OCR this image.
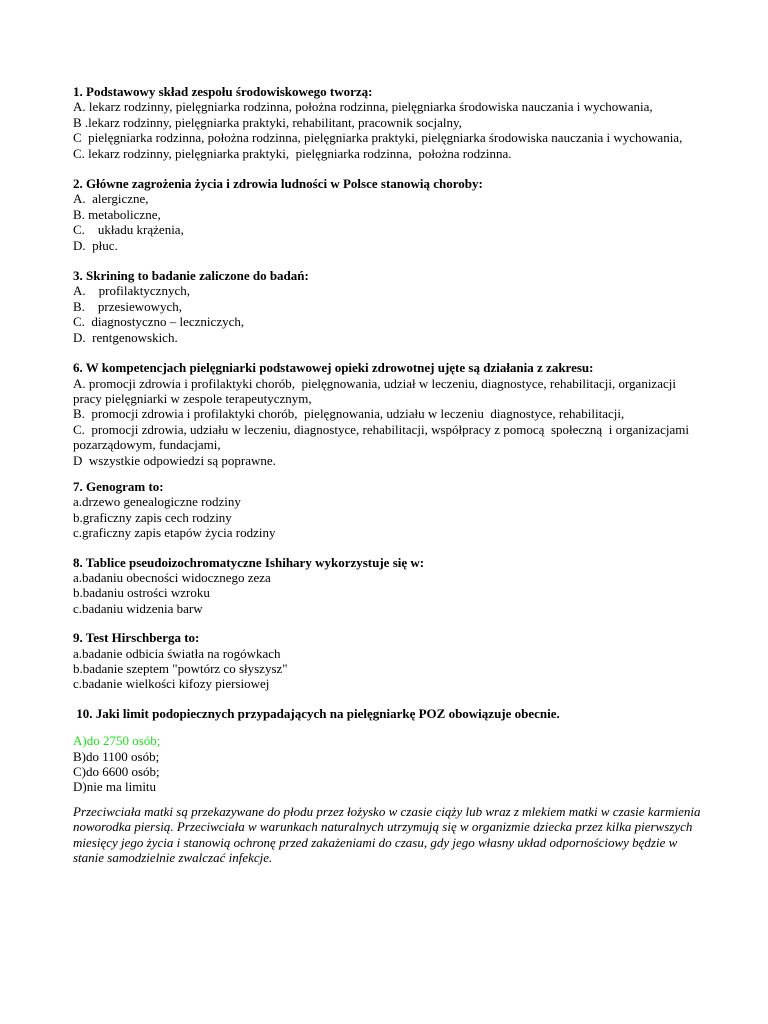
1. Podstawowy skład zespołu środowiskowego tworzą:
A. lekarz rodzinny, pielęgniarka rodzinna, położna rodzinna, pielęgniarka środowiska nauczania i wychowania,
B .lekarz rodzinny, pielęgniarka praktyki, rehabilitant, pracownik socjalny,
C  pielęgniarka rodzinna, położna rodzinna, pielęgniarka praktyki, pielęgniarka środowiska nauczania i wychowania,
C. lekarz rodzinny, pielęgniarka praktyki,  pielęgniarka rodzinna,  położna rodzinna.
2. Główne zagrożenia życia i zdrowia ludności w Polsce stanowią choroby:
A.  alergiczne,
B. metaboliczne,
C.    układu krążenia,
D.  płuc.
3. Skrining to badanie zaliczone do badań:
A.    profilaktycznych,
B.    przesiewowych,
C.  diagnostyczno – leczniczych,
D.  rentgenowskich.
6. W kompetencjach pielęgniarki podstawowej opieki zdrowotnej ujęte są działania z zakresu:
A. promocji zdrowia i profilaktyki chorób,  pielęgnowania, udział w leczeniu, diagnostyce, rehabilitacji, organizacji pracy pielęgniarki w zespole terapeutycznym,
B.  promocji zdrowia i profilaktyki chorób,  pielęgnowania, udziału w leczeniu  diagnostyce, rehabilitacji,
C.  promocji zdrowia, udziału w leczeniu, diagnostyce, rehabilitacji, współpracy z pomocą  społeczną  i organizacjami pozarządowym, fundacjami,
D  wszystkie odpowiedzi są poprawne.
7. Genogram to:
a.drzewo genealogiczne rodziny
b.graficzny zapis cech rodziny
c.graficzny zapis etapów życia rodziny
8. Tablice pseudoizochromatyczne Ishihary wykorzystuje się w:
a.badaniu obecności widocznego zeza
b.badaniu ostrości wzroku
c.badaniu widzenia barw
9. Test Hirschberga to:
a.badanie odbicia światła na rogówkach
b.badanie szeptem "powtórz co słyszysz"
c.badanie wielkości kifozy piersiowej
10. Jaki limit podopiecznych przypadających na pielęgniarkę POZ obowiązuje obecnie.
A)do 2750 osób;
B)do 1100 osób;
C)do 6600 osób;
D)nie ma limitu
Przeciwciała matki są przekazywane do płodu przez łożysko w czasie ciąży lub wraz z mlekiem matki w czasie karmienia noworodka piersią. Przeciwciała w warunkach naturalnych utrzymują się w organizmie dziecka przez kilka pierwszych miesięcy jego życia i stanowią ochronę przed zakażeniami do czasu, gdy jego własny układ odpornościowy będzie w stanie samodzielnie zwalczać infekcje.
